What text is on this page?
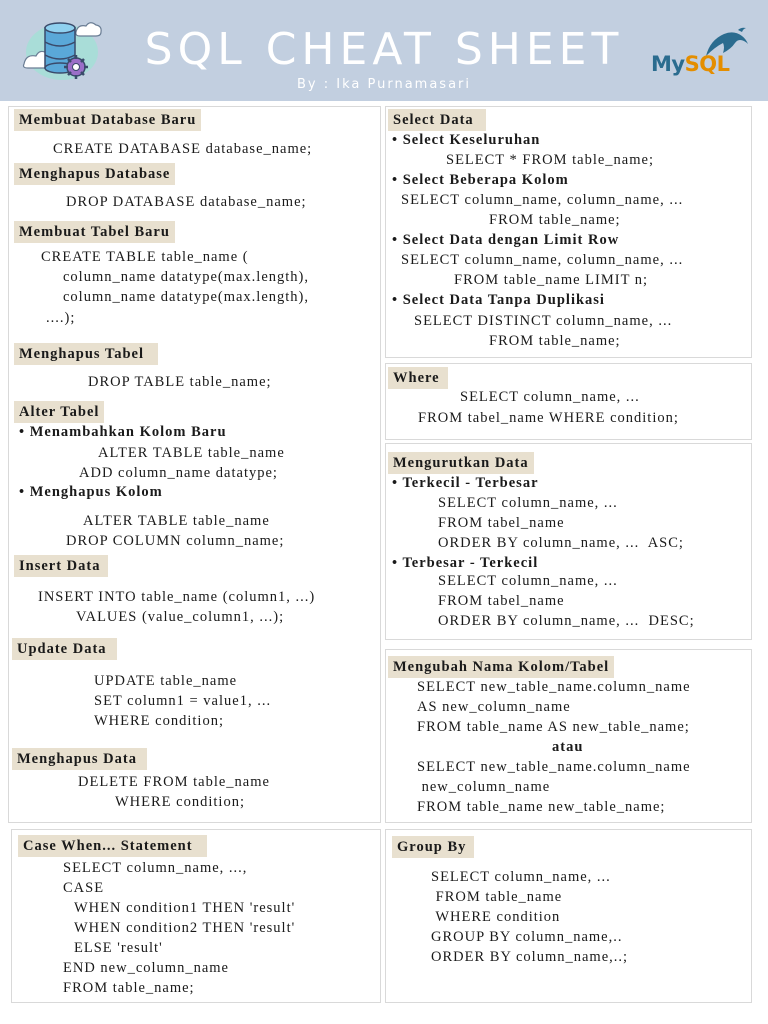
SQL CHEAT SHEET
By : Ika Purnamasari
MySQL
Membuat Database Baru
CREATE DATABASE database_name;
Menghapus Database
DROP DATABASE database_name;
Membuat Tabel Baru
CREATE TABLE table_name (
column_name datatype(max.length),
column_name datatype(max.length),
....);
Menghapus Tabel
DROP TABLE table_name;
Alter Tabel
• Menambahkan Kolom Baru
ALTER TABLE table_name
ADD column_name datatype;
• Menghapus Kolom
ALTER TABLE table_name
DROP COLUMN column_name;
Insert Data
INSERT INTO table_name (column1, ...)
VALUES (value_column1, ...);
Update Data
UPDATE table_name
SET column1 = value1, ...
WHERE condition;
Menghapus Data
DELETE FROM table_name
WHERE condition;
Case When... Statement
SELECT column_name, ...,
CASE
WHEN condition1 THEN 'result'
WHEN condition2 THEN 'result'
ELSE 'result'
END new_column_name
FROM table_name;
Select Data
• Select Keseluruhan
SELECT * FROM table_name;
• Select Beberapa Kolom
SELECT column_name, column_name, ...
FROM table_name;
• Select Data dengan Limit Row
SELECT column_name, column_name, ...
FROM table_name LIMIT n;
• Select Data Tanpa Duplikasi
SELECT DISTINCT column_name, ...
FROM table_name;
Where
SELECT column_name, ...
FROM tabel_name WHERE condition;
Mengurutkan Data
• Terkecil - Terbesar
SELECT column_name, ...
FROM tabel_name
ORDER BY column_name, ...  ASC;
• Terbesar - Terkecil
SELECT column_name, ...
FROM tabel_name
ORDER BY column_name, ...  DESC;
Mengubah Nama Kolom/Tabel
SELECT new_table_name.column_name
AS new_column_name
FROM table_name AS new_table_name;
atau
SELECT new_table_name.column_name
new_column_name
FROM table_name new_table_name;
Group By
SELECT column_name, ...
FROM table_name
WHERE condition
GROUP BY column_name,..
ORDER BY column_name,..;
